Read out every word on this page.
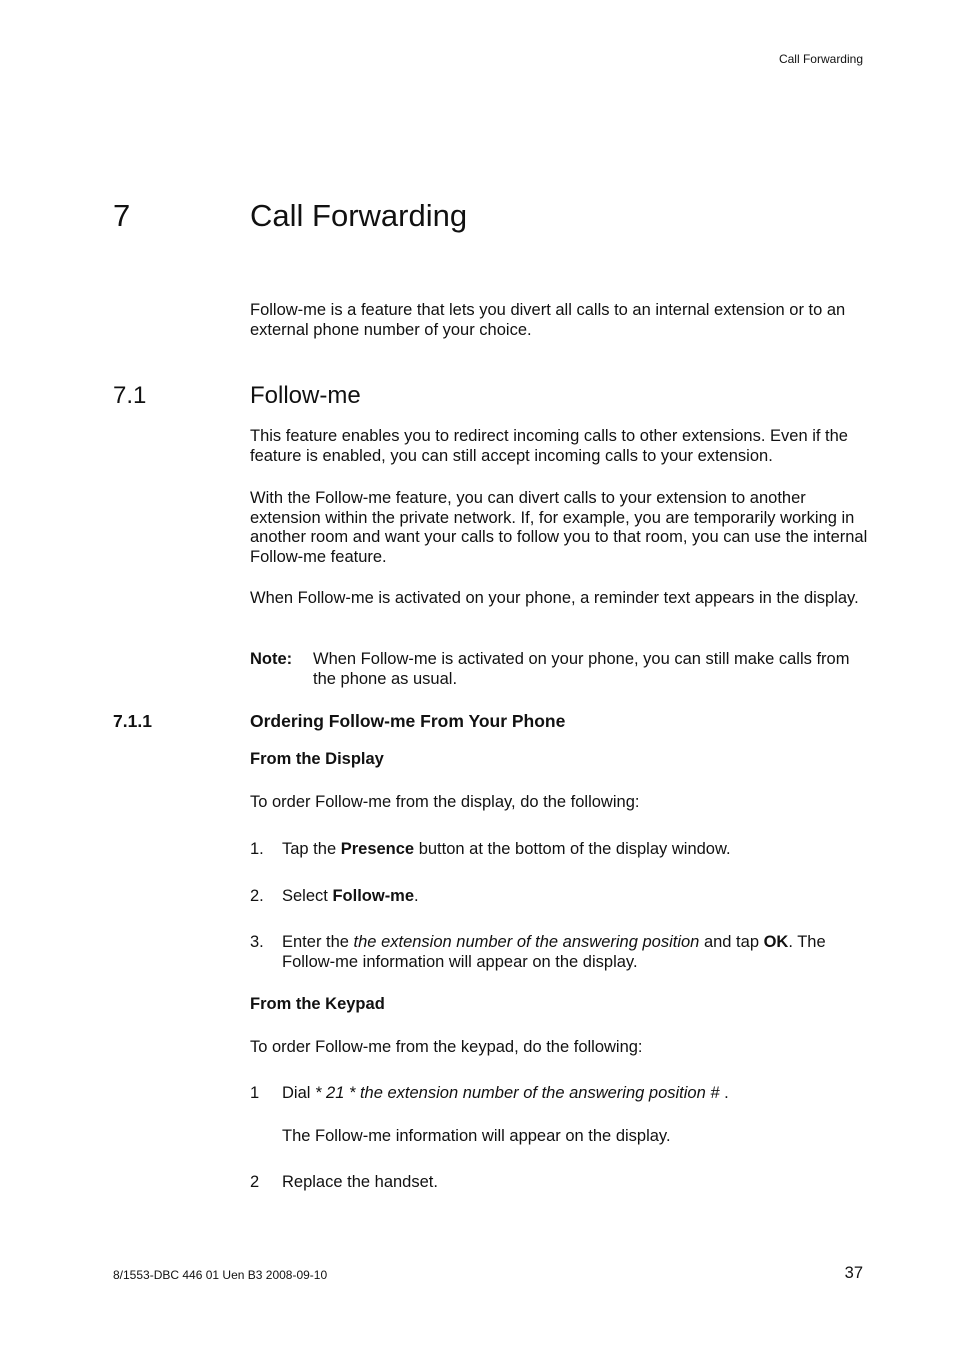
Call Forwarding
7	Call Forwarding
Follow-me is a feature that lets you divert all calls to an internal extension or to an external phone number of your choice.
7.1	Follow-me
This feature enables you to redirect incoming calls to other extensions. Even if the feature is enabled, you can still accept incoming calls to your extension.
With the Follow-me feature, you can divert calls to your extension to another extension within the private network. If, for example, you are temporarily working in another room and want your calls to follow you to that room, you can use the internal Follow-me feature.
When Follow-me is activated on your phone, a reminder text appears in the display.
Note: When Follow-me is activated on your phone, you can still make calls from the phone as usual.
7.1.1	Ordering Follow-me From Your Phone
From the Display
To order Follow-me from the display, do the following:
1. Tap the Presence button at the bottom of the display window.
2. Select Follow-me.
3. Enter the the extension number of the answering position and tap OK. The Follow-me information will appear on the display.
From the Keypad
To order Follow-me from the keypad, do the following:
1 Dial * 21 * the extension number of the answering position # .
The Follow-me information will appear on the display.
2 Replace the handset.
8/1553-DBC 446 01 Uen B3 2008-09-10	37
